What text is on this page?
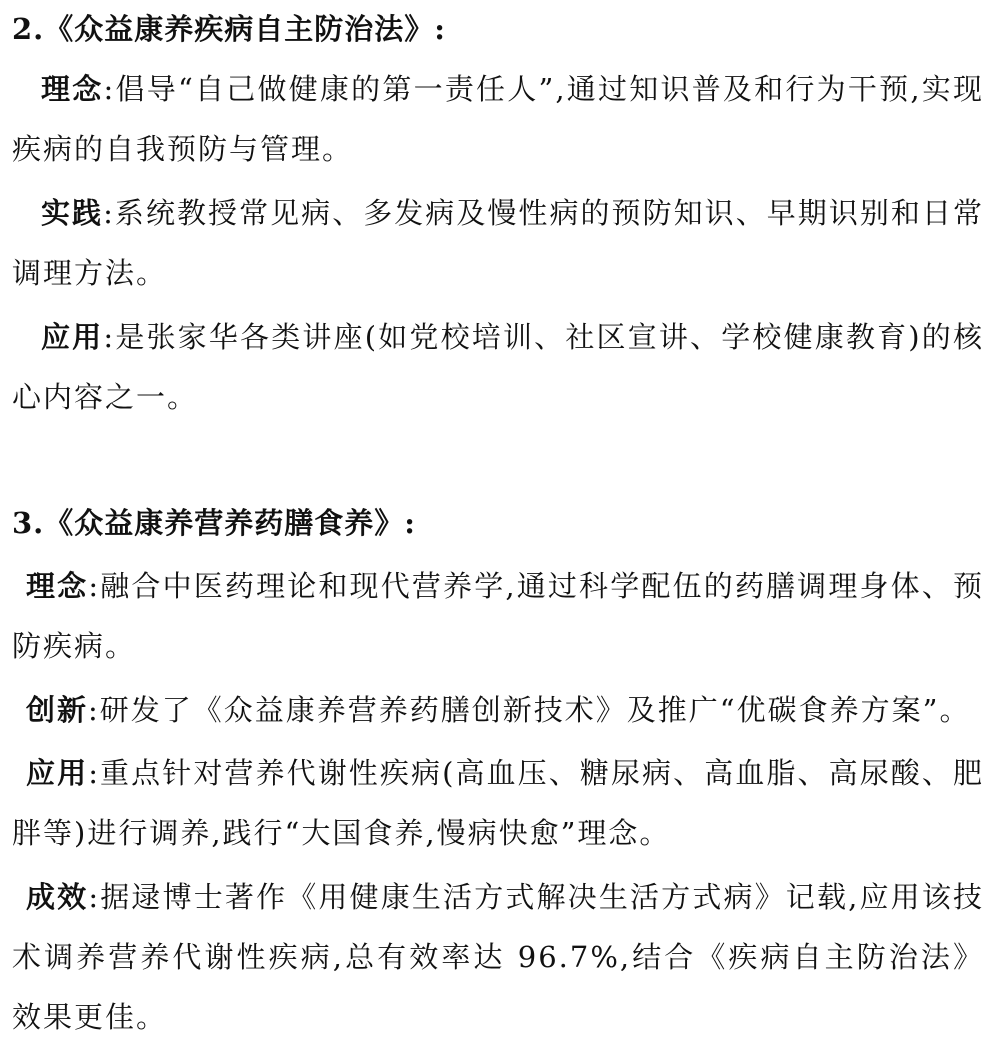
2.《众益康养疾病自主防治法》:
理念:倡导“自己做健康的第一责任人”,通过知识普及和行为干预,实现疾病的自我预防与管理。
实践:系统教授常见病、多发病及慢性病的预防知识、早期识别和日常调理方法。
应用:是张家华各类讲座(如党校培训、社区宣讲、学校健康教育)的核心内容之一。
3.《众益康养营养药膳食养》:
理念:融合中医药理论和现代营养学,通过科学配伍的药膳调理身体、预防疾病。
创新:研发了《众益康养营养药膳创新技术》及推广“优碳食养方案”。
应用:重点针对营养代谢性疾病(高血压、糖尿病、高血脂、高尿酸、肥胖等)进行调养,践行“大国食养,慢病快愈”理念。
成效:据逯博士著作《用健康生活方式解决生活方式病》记载,应用该技术调养营养代谢性疾病,总有效率达 96.7%,结合《疾病自主防治法》效果更佳。
